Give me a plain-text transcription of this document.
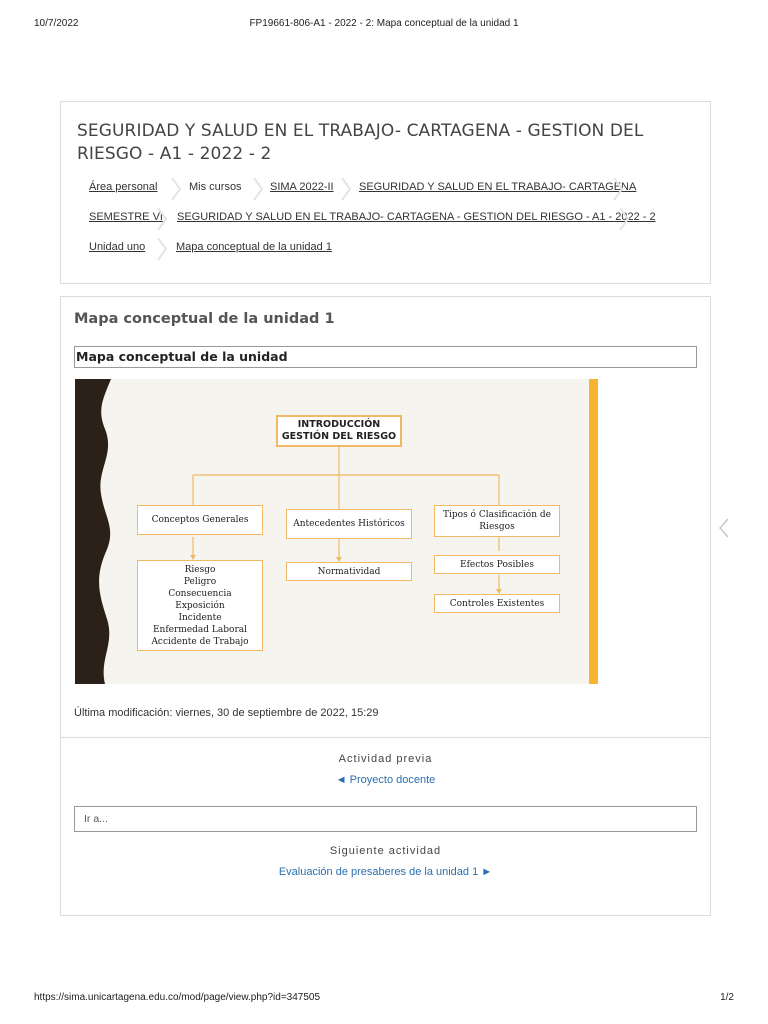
10/7/2022	FP19661-806-A1 - 2022 - 2: Mapa conceptual de la unidad 1
SEGURIDAD Y SALUD EN EL TRABAJO- CARTAGENA - GESTION DEL RIESGO - A1 - 2022 - 2
Área personal	Mis cursos	SIMA 2022-II SEGURIDAD Y SALUD EN EL TRABAJO- CARTAGENA
SEMESTRE VI SEGURIDAD Y SALUD EN EL TRABAJO- CARTAGENA - GESTION DEL RIESGO - A1 - 2022 - 2
Unidad uno	Mapa conceptual de la unidad 1
Mapa conceptual de la unidad 1
Mapa conceptual de la unidad
INTRODUCCIÓN
GESTIÓN DEL RIESGO
Conceptos Generales	Antecedentes Históricos
Tipos ó Clasificación de Riesgos
Riesgo
Peligro
Consecuencia
Exposición
Incidente
Enfermedad Laboral
Accidente de Trabajo
Normatividad
Efectos Posibles
Controles Existentes
Última modificación: viernes, 30 de septiembre de 2022, 15:29
Actividad previa
◄ Proyecto docente
Ir a...
Siguiente actividad
Evaluación de presaberes de la unidad 1 ►
https://sima.unicartagena.edu.co/mod/page/view.php?id=347505	1/2
